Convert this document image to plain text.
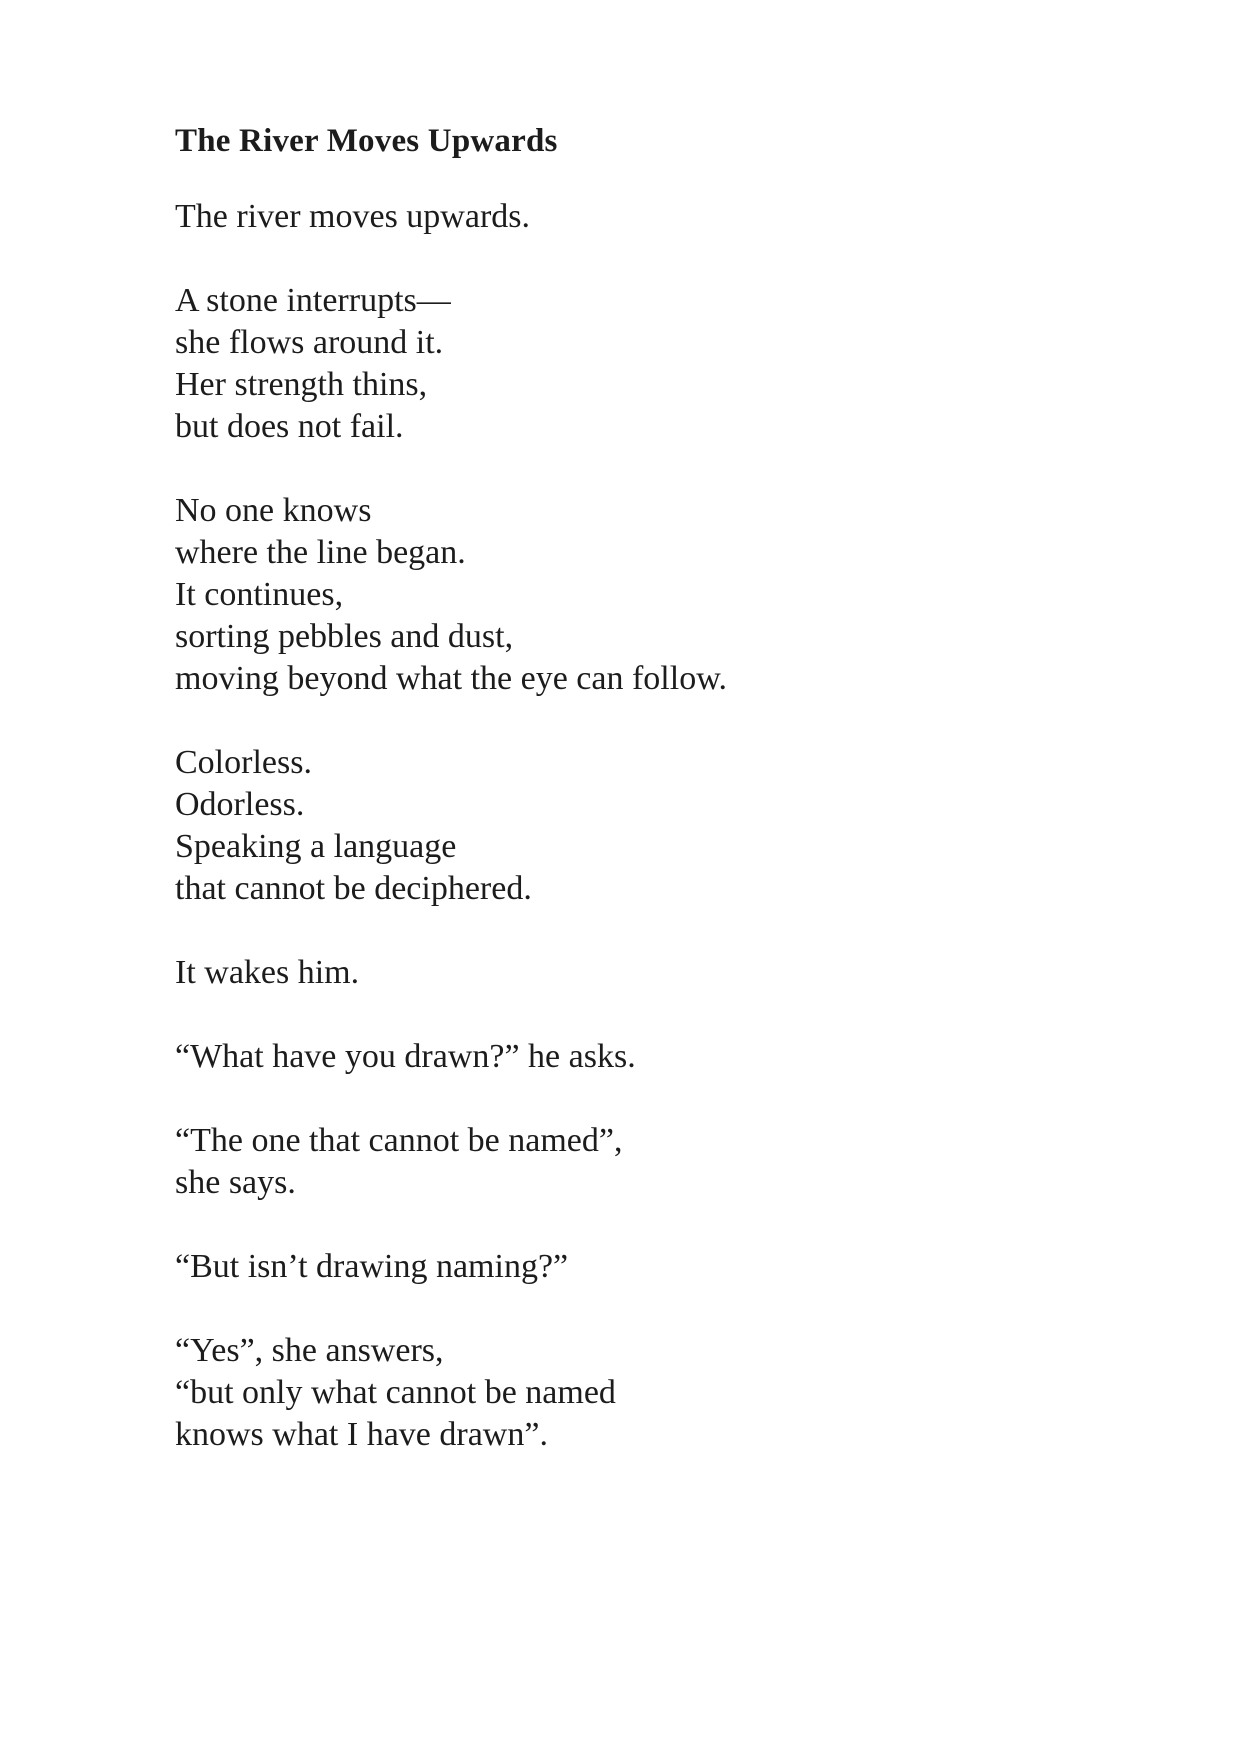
The River Moves Upwards
The river moves upwards.
A stone interrupts—
she flows around it.
Her strength thins,
but does not fail.
No one knows
where the line began.
It continues,
sorting pebbles and dust,
moving beyond what the eye can follow.
Colorless.
Odorless.
Speaking a language
that cannot be deciphered.
It wakes him.
“What have you drawn?” he asks.
“The one that cannot be named”,
she says.
“But isn’t drawing naming?”
“Yes”, she answers,
“but only what cannot be named
knows what I have drawn”.
